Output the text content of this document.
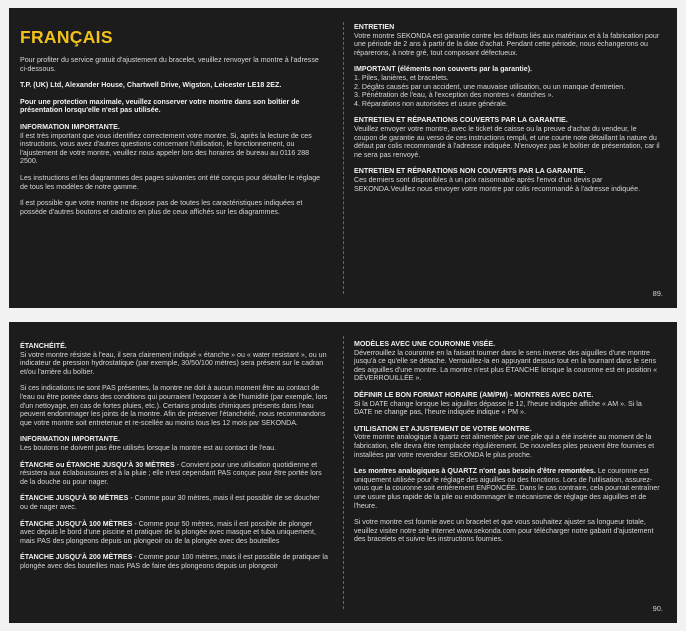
FRANÇAIS

Pour profiter du service gratuit d'ajustement du bracelet, veuillez renvoyer la montre à l'adresse ci-dessous.

T.P. (UK) Ltd, Alexander House, Chartwell Drive, Wigston, Leicester LE18 2EZ.

Pour une protection maximale, veuillez conserver votre montre dans son boîtier de présentation lorsqu'elle n'est pas utilisée.

INFORMATION IMPORTANTE.

Il est très important que vous identifiez correctement votre montre. Si, après la lecture de ces instructions, vous avez d'autres questions concernant l'utilisation, le fonctionnement, ou l'ajustement de votre montre, veuillez nous appeler lors des horaires de bureau au 0116 288 2500.

Les instructions et les diagrammes des pages suivantes ont été conçus pour détailler le réglage de tous les modèles de notre gamme.

Il est possible que votre montre ne dispose pas de toutes les caractéristiques indiquées et possède d'autres boutons et cadrans en plus de ceux affichés sur les diagrammes.

ENTRETIEN

Votre montre SEKONDA est garantie contre les défauts liés aux matériaux et à la fabrication pour une période de 2 ans à partir de la date d'achat. Pendant cette période, nous échangerons ou réparerons, à notre gré, tout composant défectueux.

IMPORTANT (éléments non couverts par la garantie).
1. Piles, lanières, et bracelets.
2. Dégâts causés par un accident, une mauvaise utilisation, ou un manque d'entretien.
3. Pénétration de l'eau, à l'exception des montres « étanches ».
4. Réparations non autorisées et usure générale.
ENTRETIEN ET RÉPARATIONS COUVERTS PAR LA GARANTIE.

Veuillez envoyer votre montre, avec le ticket de caisse ou la preuve d'achat du vendeur, le coupon de garantie au verso de ces instructions rempli, et une courte note détaillant la nature du défaut par colis recommandé à l'adresse indiquée. N'envoyez pas le boîtier de présentation, car il ne sera pas renvoyé.

ENTRETIEN ET RÉPARATIONS NON COUVERTS PAR LA GARANTIE.

Ces derniers sont disponibles à un prix raisonnable après l'envoi d'un devis par SEKONDA.Veuillez nous envoyer votre montre par colis recommandé à l'adresse indiquée.

89.
ÉTANCHÉITÉ.

Si votre montre résiste à l'eau, il sera clairement indiqué « étanche » ou « water resistant », ou un indicateur de pression hydrostatique (par exemple, 30/50/100 mètres) sera présent sur le cadran et/ou l'arrière du boîtier.

Si ces indications ne sont PAS présentes, la montre ne doit à aucun moment être au contact de l'eau ou être portée dans des conditions qui pourraient l'exposer à de l'humidité (par exemple, lors d'un nettoyage, en cas de fortes pluies, etc.). Certains produits chimiques présents dans l'eau peuvent endommager les joints de la montre. Afin de préserver l'étanchéité, nous recommandons que votre montre soit entretenue et re-scellée au moins tous les 12 mois par SEKONDA.

INFORMATION IMPORTANTE.

Les boutons ne doivent pas être utilisés lorsque la montre est au contact de l'eau.

ÉTANCHE ou ÉTANCHE JUSQU'À 30 MÈTRES - Convient pour une utilisation quotidienne et résistera aux éclaboussures et à la pluie ; elle n'est cependant PAS conçue pour être portée lors de la douche ou pour nager.

ÉTANCHE JUSQU'À 50 MÈTRES - Comme pour 30 mètres, mais il est possible de se doucher ou de nager avec.

ÉTANCHE JUSQU'À 100 MÈTRES - Comme pour 50 mètres, mais il est possible de plonger avec depuis le bord d'une piscine et pratiquer de la plongée avec masque et tuba uniquement, mais PAS des plongeons depuis un plongeoir ou de la plongée avec des bouteilles

ÉTANCHE JUSQU'À 200 MÈTRES - Comme pour 100 mètres, mais il est possible de pratiquer la plongée avec des bouteilles mais PAS de faire des plongeons depuis un plongeoir

MODÈLES AVEC UNE COURONNE VISÉE.

Déverrouillez la couronne en la faisant tourner dans le sens inverse des aiguilles d'une montre jusqu'à ce qu'elle se détache. Verrouillez-la en appuyant dessus tout en la tournant dans le sens des aiguilles d'une montre. La montre n'est plus ÉTANCHE lorsque la couronne est en position « DÉVERROUILLÉE ».

DÉFINIR LE BON FORMAT HORAIRE (AM/PM) - MONTRES AVEC DATE.

Si la DATE change lorsque les aiguilles dépasse le 12, l'heure indiquée affiche « AM ». Si la DATE ne change pas, l'heure indiquée indique « PM ».

UTILISATION ET AJUSTEMENT DE VOTRE MONTRE.

Votre montre analogique à quartz est alimentée par une pile qui a été insérée au moment de la fabrication, elle devra être remplacée régulièrement. De nouvelles piles peuvent être fournies et installées par votre revendeur SEKONDA le plus proche.

Les montres analogiques à QUARTZ n'ont pas besoin d'être remontées. Le couronne est uniquement utilisée pour le réglage des aiguilles ou des fonctions. Lors de l'utilisation, assurez-vous que la couronne soit entièrement ENFONCÉE. Dans le cas contraire, cela pourrait entraîner une usure plus rapide de la pile ou endommager le mécanisme de réglage des aiguilles et de l'heure.

Si votre montre est fournie avec un bracelet et que vous souhaitez ajuster sa longueur totale, veuillez visiter notre site internet www.sekonda.com pour télécharger notre gabarit d'ajustement des bracelets et suivre les instructions fournies.

90.
